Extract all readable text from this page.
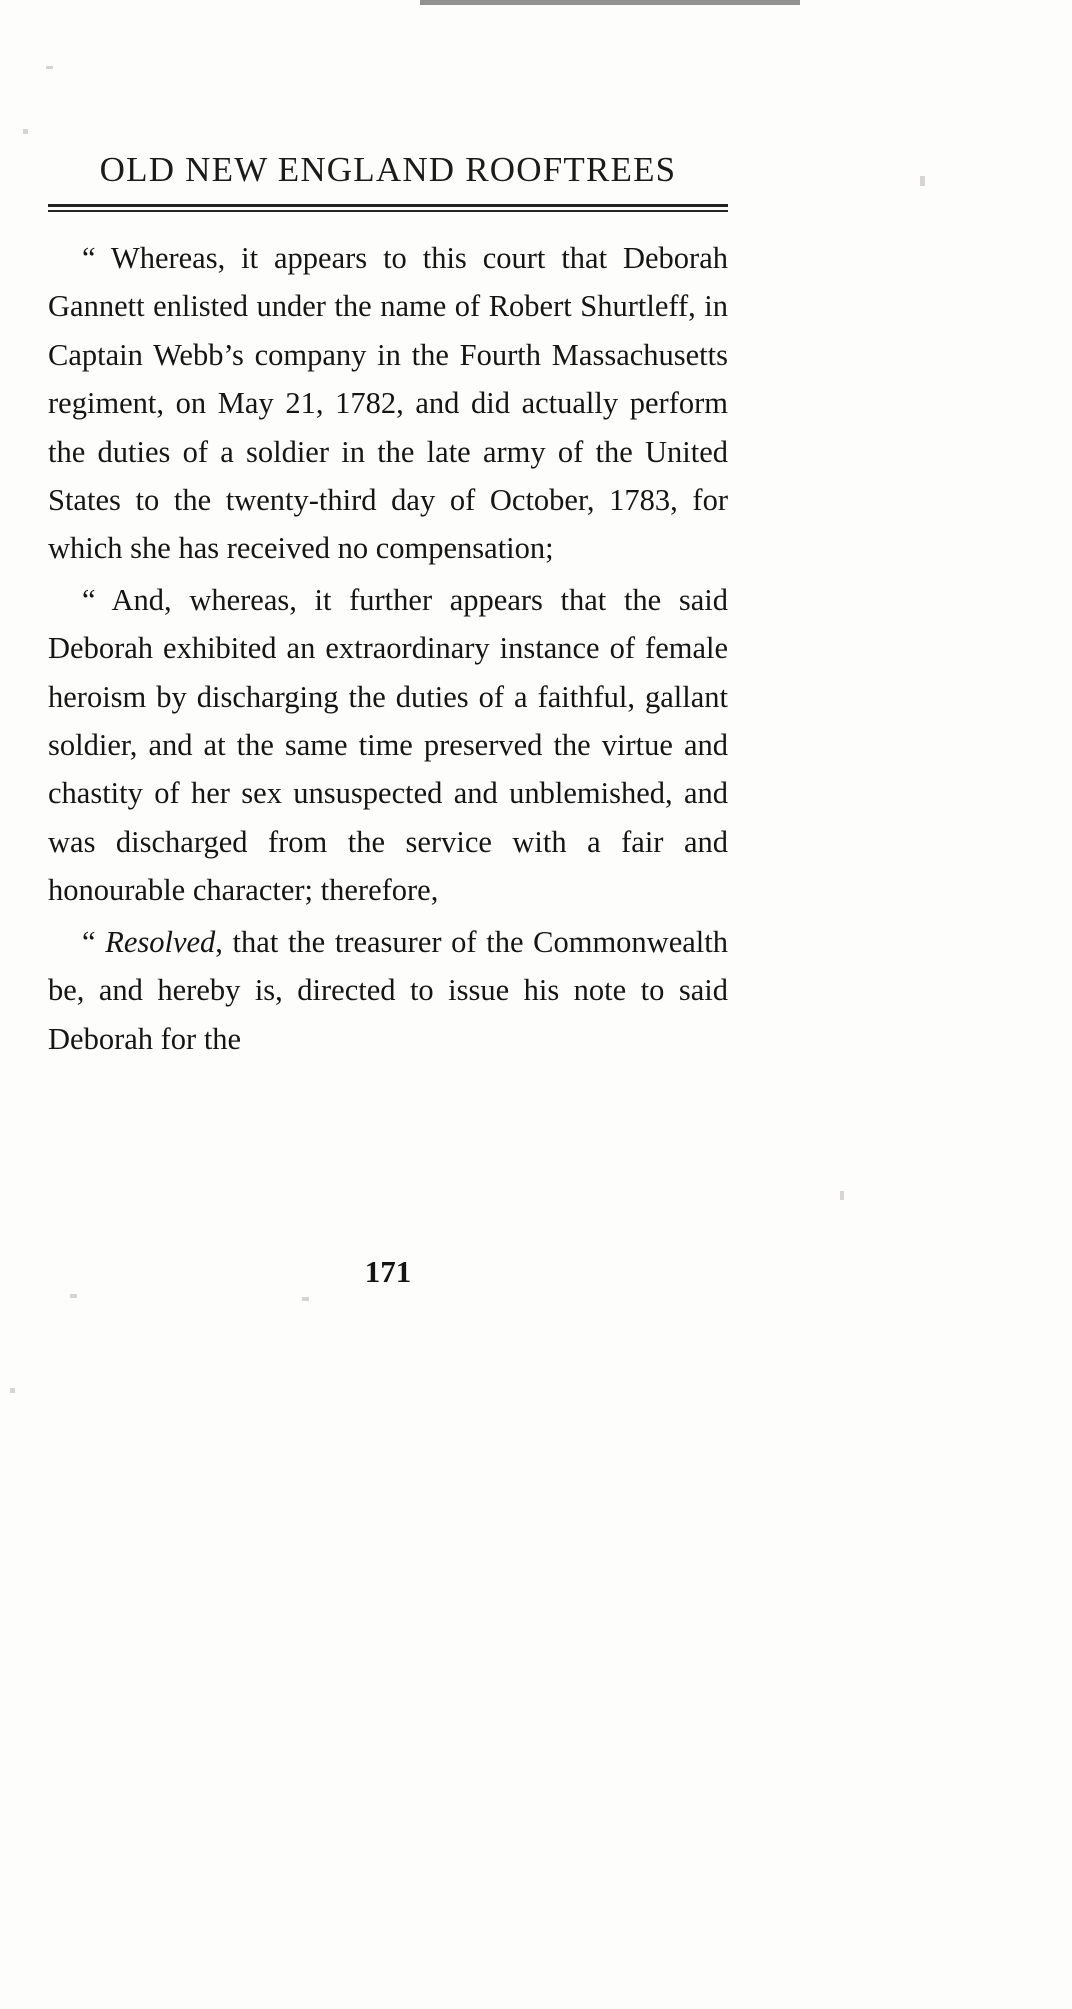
OLD NEW ENGLAND ROOFTREES

“ Whereas, it appears to this court that Deborah Gannett enlisted under the name of Robert Shurtleff, in Captain Webb’s company in the Fourth Massachusetts regiment, on May 21, 1782, and did actually perform the duties of a soldier in the late army of the United States to the twenty-third day of October, 1783, for which she has received no compensation;

“ And, whereas, it further appears that the said Deborah exhibited an extraordinary instance of female heroism by discharging the duties of a faithful, gallant soldier, and at the same time preserved the virtue and chastity of her sex unsuspected and unblemished, and was discharged from the service with a fair and honourable character; therefore,

“ Resolved, that the treasurer of the Commonwealth be, and hereby is, directed to issue his note to said Deborah for the

171
